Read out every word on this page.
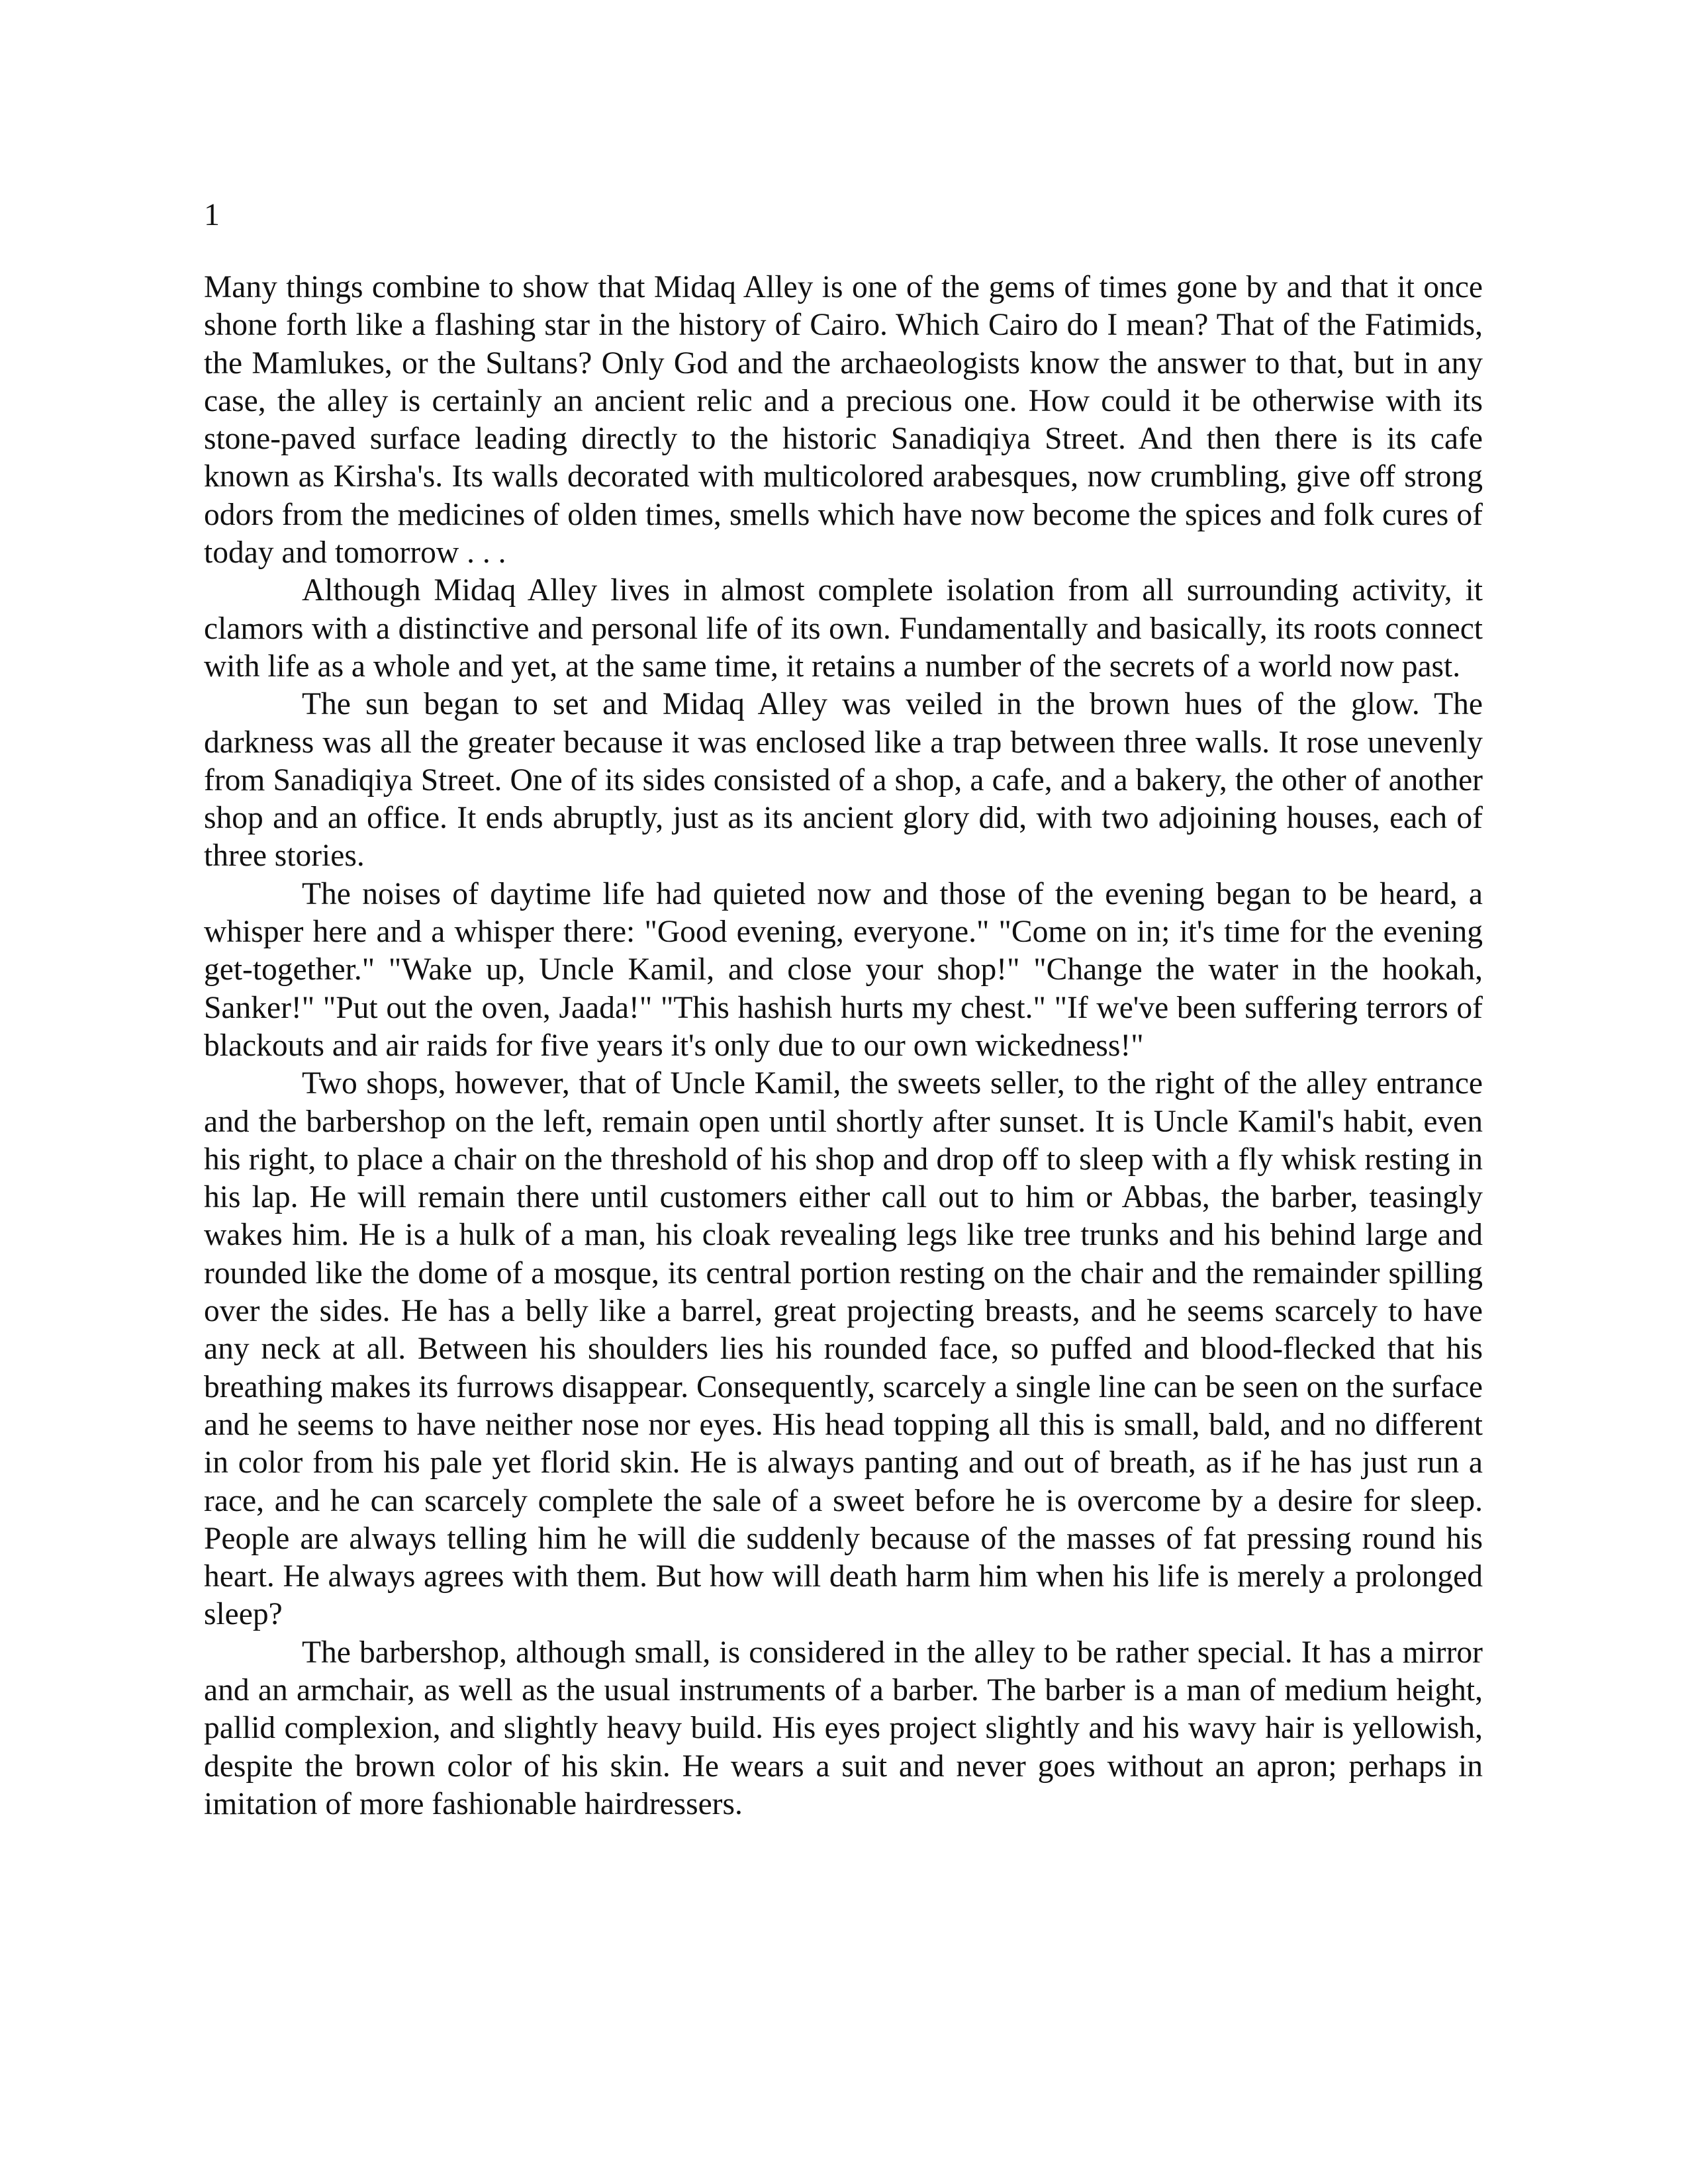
1

Many things combine to show that Midaq Alley is one of the gems of times gone by and that it once shone forth like a flashing star in the history of Cairo. Which Cairo do I mean? That of the Fatimids, the Mamlukes, or the Sultans? Only God and the archaeologists know the answer to that, but in any case, the alley is certainly an ancient relic and a precious one. How could it be otherwise with its stone-paved surface leading directly to the historic Sanadiqiya Street. And then there is its cafe known as Kirsha's. Its walls decorated with multicolored arabesques, now crumbling, give off strong odors from the medicines of olden times, smells which have now become the spices and folk cures of today and tomorrow . . .

Although Midaq Alley lives in almost complete isolation from all surrounding activity, it clamors with a distinctive and personal life of its own. Fundamentally and basically, its roots connect with life as a whole and yet, at the same time, it retains a number of the secrets of a world now past.

The sun began to set and Midaq Alley was veiled in the brown hues of the glow. The darkness was all the greater because it was enclosed like a trap between three walls. It rose unevenly from Sanadiqiya Street. One of its sides consisted of a shop, a cafe, and a bakery, the other of another shop and an office. It ends abruptly, just as its ancient glory did, with two adjoining houses, each of three stories.

The noises of daytime life had quieted now and those of the evening began to be heard, a whisper here and a whisper there: "Good evening, everyone." "Come on in; it's time for the evening get-together." "Wake up, Uncle Kamil, and close your shop!" "Change the water in the hookah, Sanker!" "Put out the oven, Jaada!" "This hashish hurts my chest." "If we've been suffering terrors of blackouts and air raids for five years it's only due to our own wickedness!"

Two shops, however, that of Uncle Kamil, the sweets seller, to the right of the alley entrance and the barbershop on the left, remain open until shortly after sunset. It is Uncle Kamil's habit, even his right, to place a chair on the threshold of his shop and drop off to sleep with a fly whisk resting in his lap. He will remain there until customers either call out to him or Abbas, the barber, teasingly wakes him. He is a hulk of a man, his cloak revealing legs like tree trunks and his behind large and rounded like the dome of a mosque, its central portion resting on the chair and the remainder spilling over the sides. He has a belly like a barrel, great projecting breasts, and he seems scarcely to have any neck at all. Between his shoulders lies his rounded face, so puffed and blood-flecked that his breathing makes its furrows disappear. Consequently, scarcely a single line can be seen on the surface and he seems to have neither nose nor eyes. His head topping all this is small, bald, and no different in color from his pale yet florid skin. He is always panting and out of breath, as if he has just run a race, and he can scarcely complete the sale of a sweet before he is overcome by a desire for sleep. People are always telling him he will die suddenly because of the masses of fat pressing round his heart. He always agrees with them. But how will death harm him when his life is merely a prolonged sleep?

The barbershop, although small, is considered in the alley to be rather special. It has a mirror and an armchair, as well as the usual instruments of a barber. The barber is a man of medium height, pallid complexion, and slightly heavy build. His eyes project slightly and his wavy hair is yellowish, despite the brown color of his skin. He wears a suit and never goes without an apron; perhaps in imitation of more fashionable hairdressers.
